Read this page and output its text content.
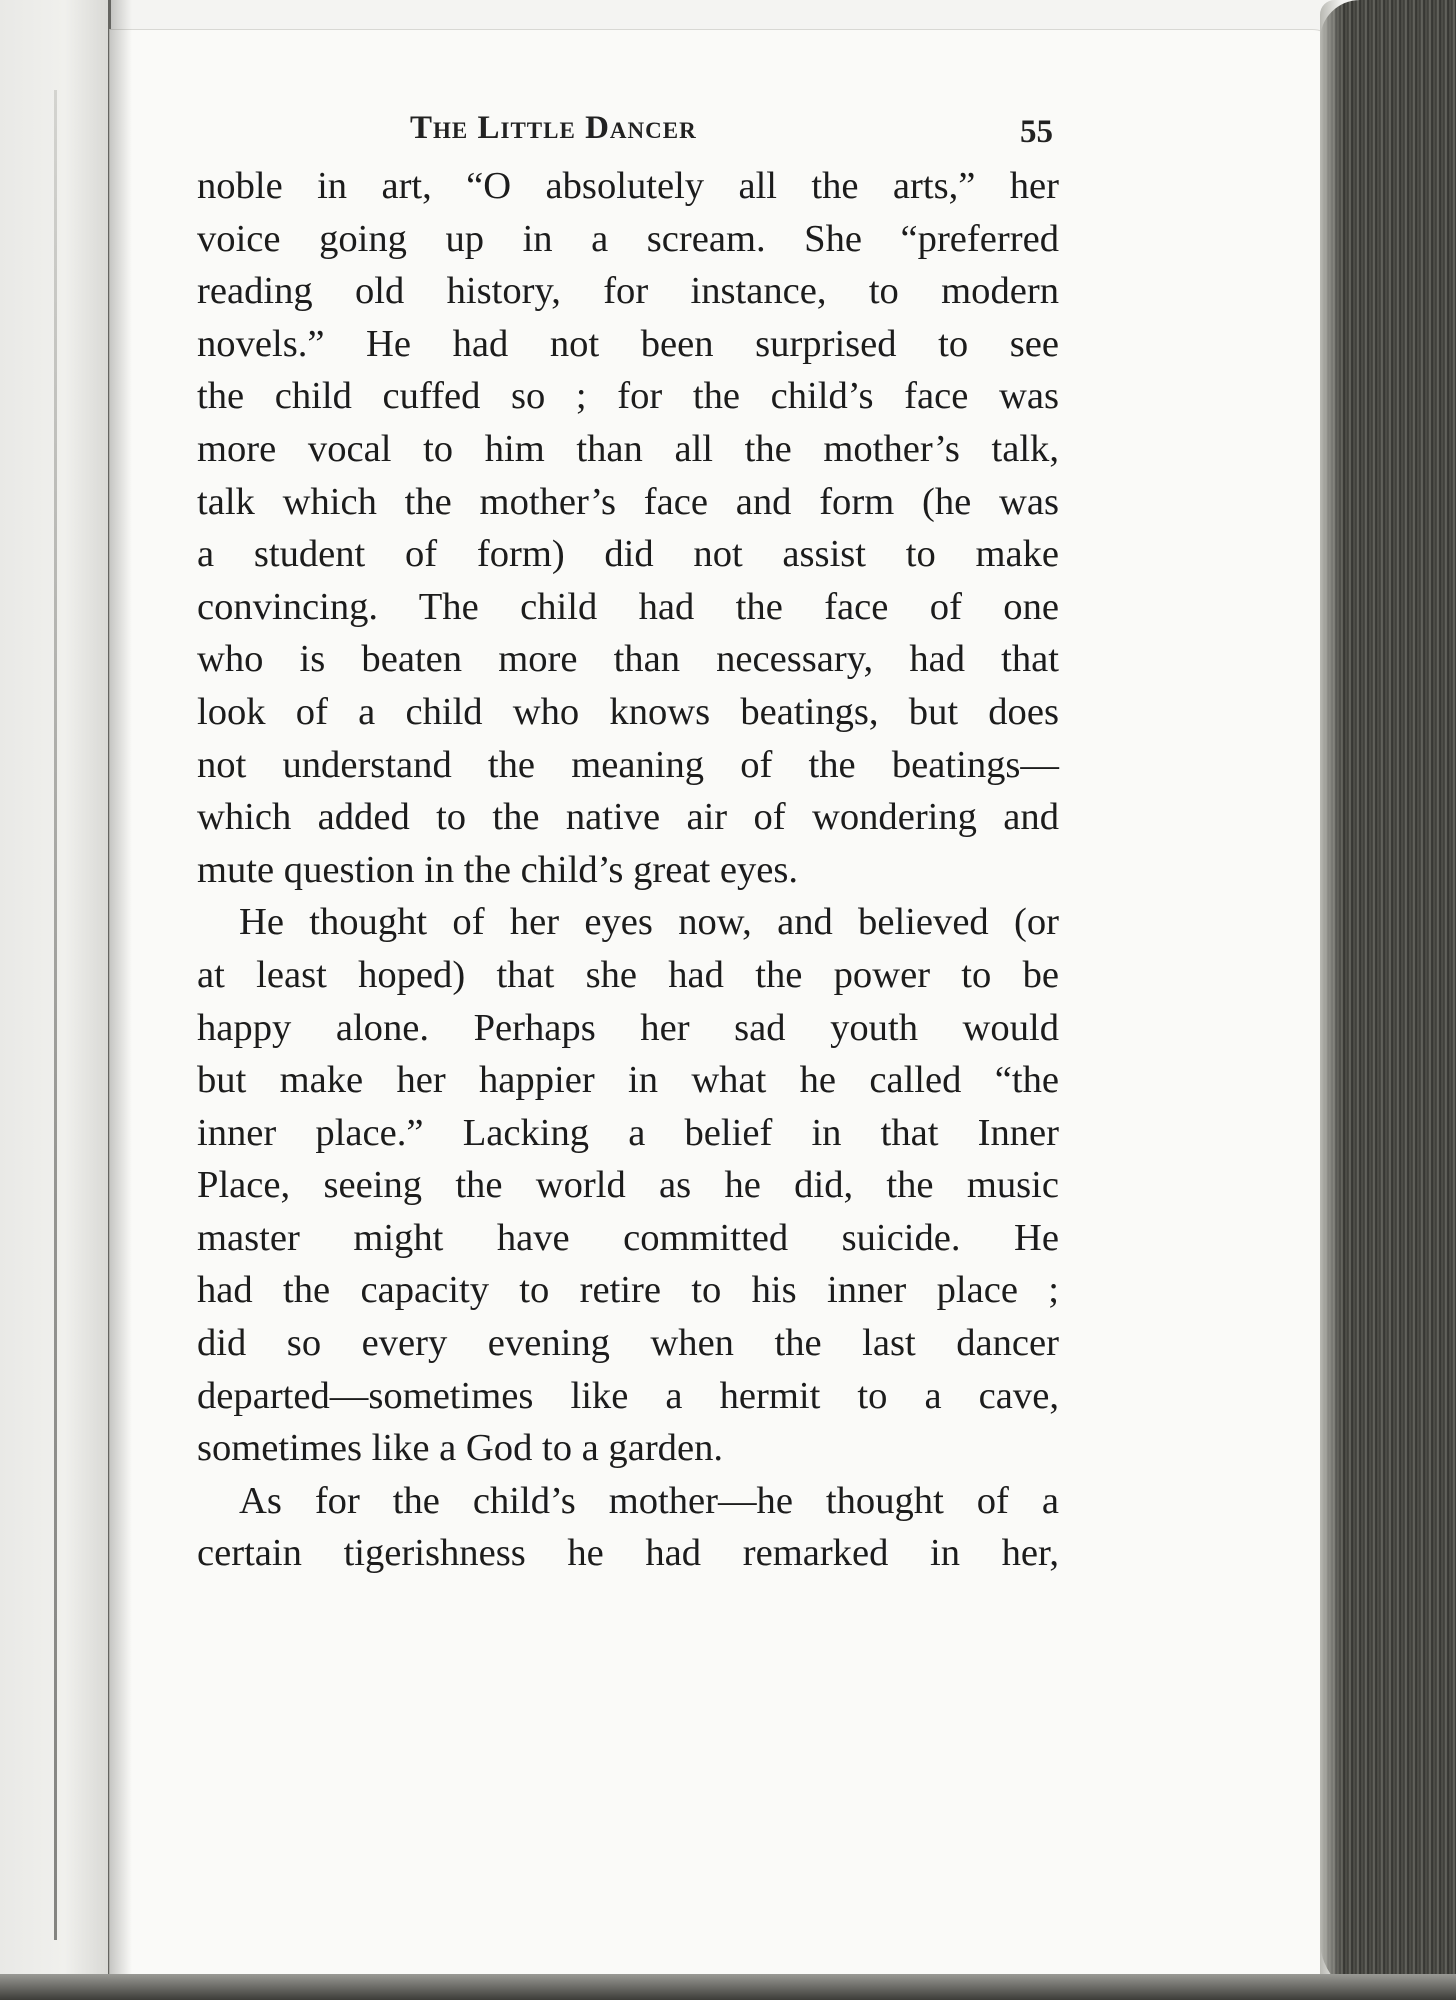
The Little Dancer	55
noble in art, “O absolutely all the arts,” her
voice going up in a scream. She “preferred
reading old history, for instance, to modern
novels.” He had not been surprised to see
the child cuffed so ; for the child’s face was
more vocal to him than all the mother’s talk,
talk which the mother’s face and form (he was
a student of form) did not assist to make
convincing. The child had the face of one
who is beaten more than necessary, had that
look of a child who knows beatings, but does
not understand the meaning of the beatings—
which added to the native air of wondering and
mute question in the child’s great eyes.
He thought of her eyes now, and believed (or
at least hoped) that she had the power to be
happy alone. Perhaps her sad youth would
but make her happier in what he called “the
inner place.” Lacking a belief in that Inner
Place, seeing the world as he did, the music
master might have committed suicide. He
had the capacity to retire to his inner place ;
did so every evening when the last dancer
departed—sometimes like a hermit to a cave,
sometimes like a God to a garden.
As for the child’s mother—he thought of a
certain tigerishness he had remarked in her,
